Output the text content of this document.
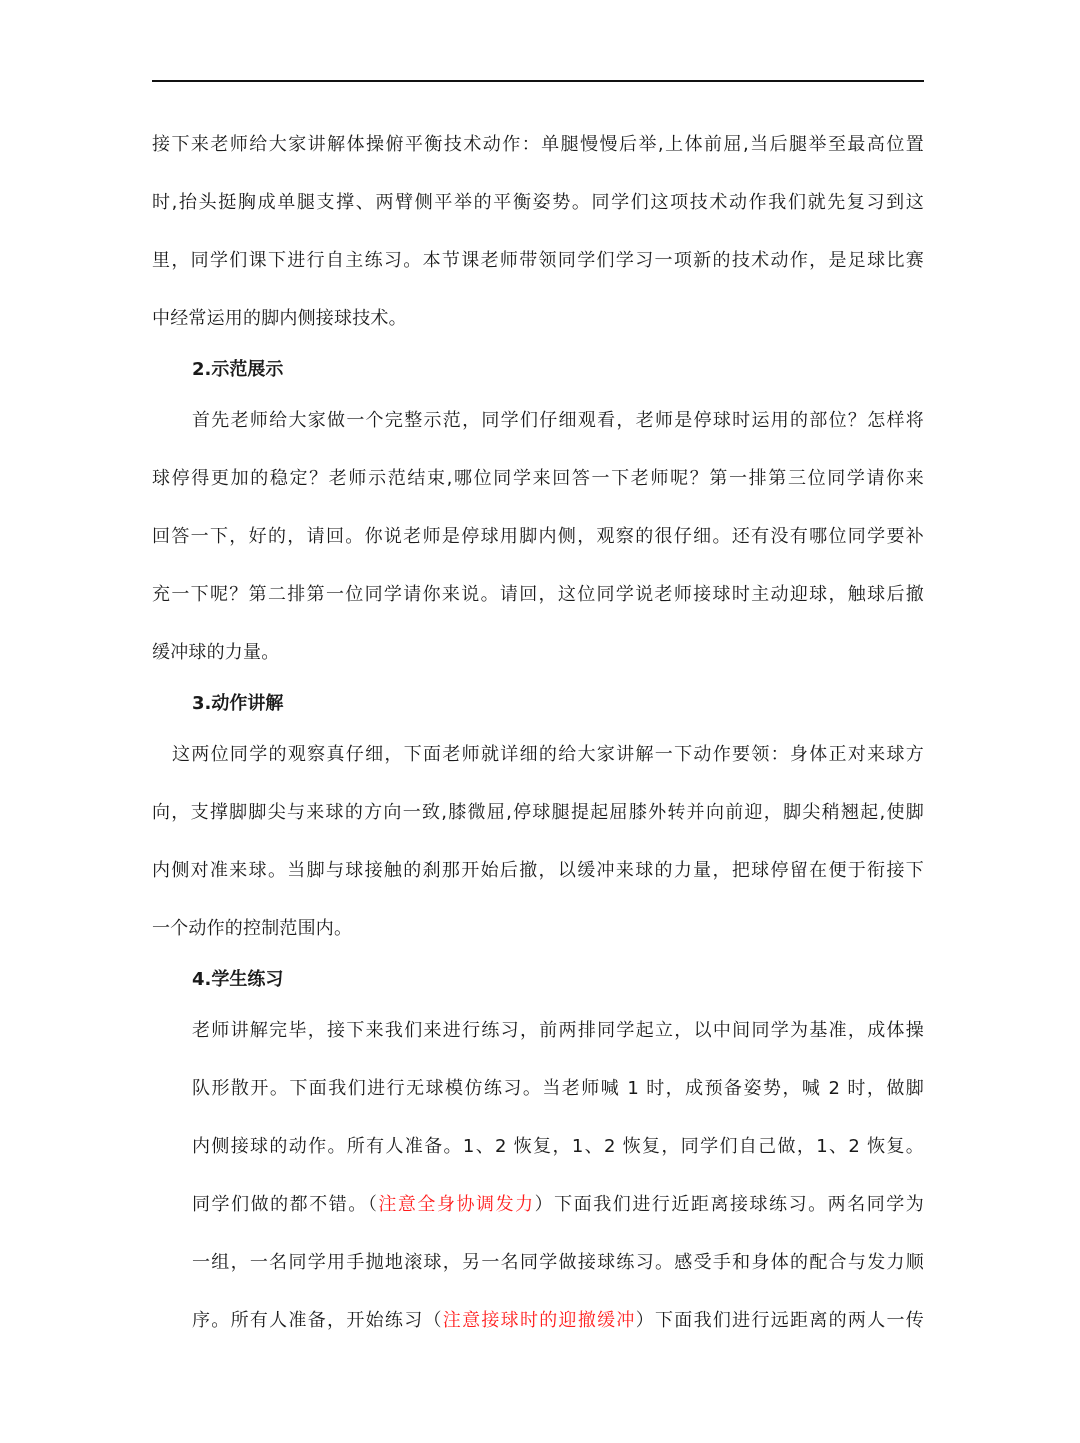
接下来老师给大家讲解体操俯平衡技术动作：单腿慢慢后举,上体前屈,当后腿举至最高位置
时,抬头挺胸成单腿支撑、两臂侧平举的平衡姿势。同学们这项技术动作我们就先复习到这
里，同学们课下进行自主练习。本节课老师带领同学们学习一项新的技术动作，是足球比赛
中经常运用的脚内侧接球技术。
2.示范展示
首先老师给大家做一个完整示范，同学们仔细观看，老师是停球时运用的部位？怎样将
球停得更加的稳定？老师示范结束,哪位同学来回答一下老师呢？第一排第三位同学请你来
回答一下，好的，请回。你说老师是停球用脚内侧，观察的很仔细。还有没有哪位同学要补
充一下呢？第二排第一位同学请你来说。请回，这位同学说老师接球时主动迎球，触球后撤
缓冲球的力量。
3.动作讲解
这两位同学的观察真仔细，下面老师就详细的给大家讲解一下动作要领：身体正对来球方
向，支撑脚脚尖与来球的方向一致,膝微屈,停球腿提起屈膝外转并向前迎，脚尖稍翘起,使脚
内侧对准来球。当脚与球接触的刹那开始后撤，以缓冲来球的力量，把球停留在便于衔接下
一个动作的控制范围内。
4.学生练习
老师讲解完毕，接下来我们来进行练习，前两排同学起立，以中间同学为基准，成体操
队形散开。下面我们进行无球模仿练习。当老师喊 1 时，成预备姿势，喊 2 时，做脚
内侧接球的动作。所有人准备。1、2 恢复，1、2 恢复，同学们自己做，1、2 恢复。
同学们做的都不错。（注意全身协调发力）下面我们进行近距离接球练习。两名同学为
一组，一名同学用手抛地滚球，另一名同学做接球练习。感受手和身体的配合与发力顺
序。所有人准备，开始练习（注意接球时的迎撤缓冲）下面我们进行远距离的两人一传
